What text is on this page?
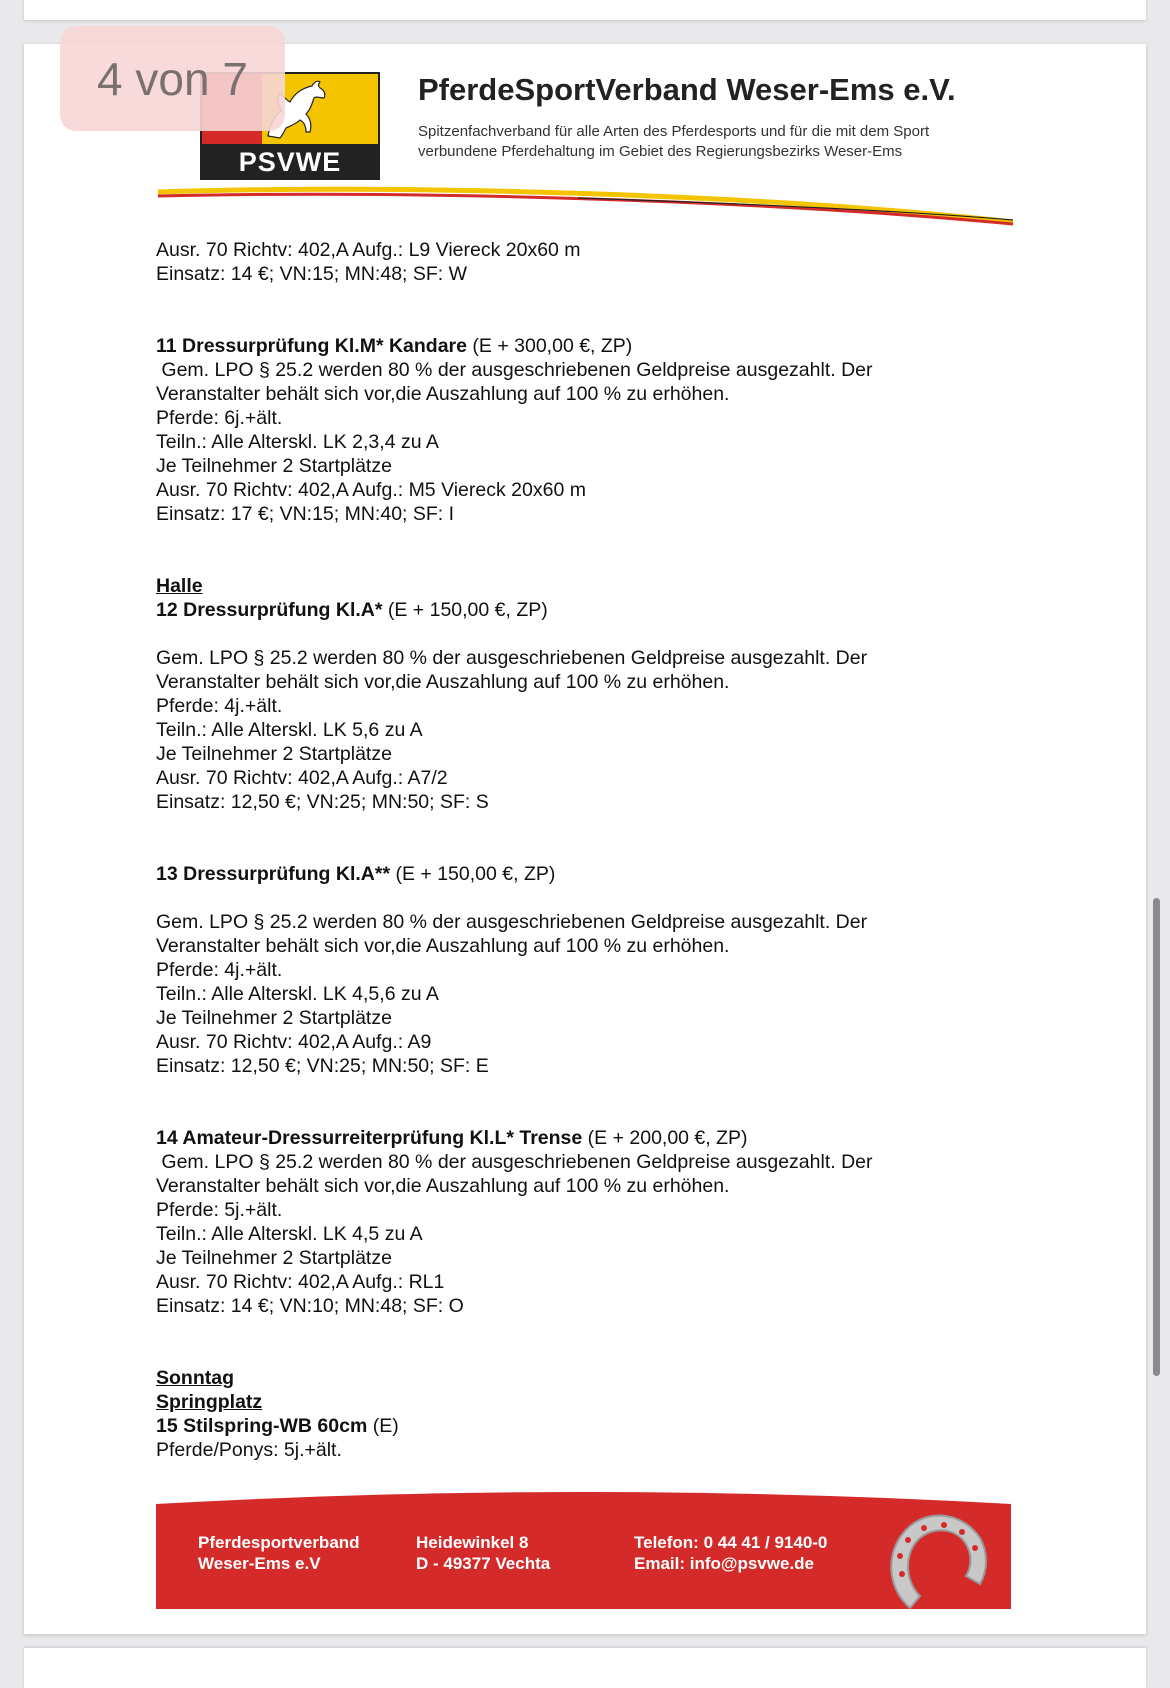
4 von 7
PSVWE
PferdeSportVerband Weser-Ems e.V.
Spitzenfachverband für alle Arten des Pferdesports und für die mit dem Sport
verbundene Pferdehaltung im Gebiet des Regierungsbezirks Weser-Ems

Ausr. 70 Richtv: 402,A Aufg.: L9 Viereck 20x60 m

Einsatz: 14 €; VN:15; MN:48; SF: W

11 Dressurprüfung Kl.M* Kandare (E + 300,00 €, ZP)

Gem. LPO § 25.2 werden 80 % der ausgeschriebenen Geldpreise ausgezahlt. Der

Veranstalter behält sich vor,die Auszahlung auf 100 % zu erhöhen.

Pferde: 6j.+ält.

Teiln.: Alle Alterskl. LK 2,3,4 zu A

Je Teilnehmer 2 Startplätze

Ausr. 70 Richtv: 402,A Aufg.: M5 Viereck 20x60 m

Einsatz: 17 €; VN:15; MN:40; SF: I

Halle

12 Dressurprüfung Kl.A* (E + 150,00 €, ZP)

Gem. LPO § 25.2 werden 80 % der ausgeschriebenen Geldpreise ausgezahlt. Der

Veranstalter behält sich vor,die Auszahlung auf 100 % zu erhöhen.

Pferde: 4j.+ält.

Teiln.: Alle Alterskl. LK 5,6 zu A

Je Teilnehmer 2 Startplätze

Ausr. 70 Richtv: 402,A Aufg.: A7/2

Einsatz: 12,50 €; VN:25; MN:50; SF: S

13 Dressurprüfung Kl.A** (E + 150,00 €, ZP)

Gem. LPO § 25.2 werden 80 % der ausgeschriebenen Geldpreise ausgezahlt. Der

Veranstalter behält sich vor,die Auszahlung auf 100 % zu erhöhen.

Pferde: 4j.+ält.

Teiln.: Alle Alterskl. LK 4,5,6 zu A

Je Teilnehmer 2 Startplätze

Ausr. 70 Richtv: 402,A Aufg.: A9

Einsatz: 12,50 €; VN:25; MN:50; SF: E

14 Amateur-Dressurreiterprüfung Kl.L* Trense (E + 200,00 €, ZP)

Gem. LPO § 25.2 werden 80 % der ausgeschriebenen Geldpreise ausgezahlt. Der

Veranstalter behält sich vor,die Auszahlung auf 100 % zu erhöhen.

Pferde: 5j.+ält.

Teiln.: Alle Alterskl. LK 4,5 zu A

Je Teilnehmer 2 Startplätze

Ausr. 70 Richtv: 402,A Aufg.: RL1

Einsatz: 14 €; VN:10; MN:48; SF: O

Sonntag

Springplatz

15 Stilspring-WB 60cm (E)

Pferde/Ponys: 5j.+ält.

Pferdesportverband
Weser-Ems e.V
Heidewinkel 8
D - 49377 Vechta
Telefon: 0 44 41 / 9140-0
Email: info@psvwe.de
